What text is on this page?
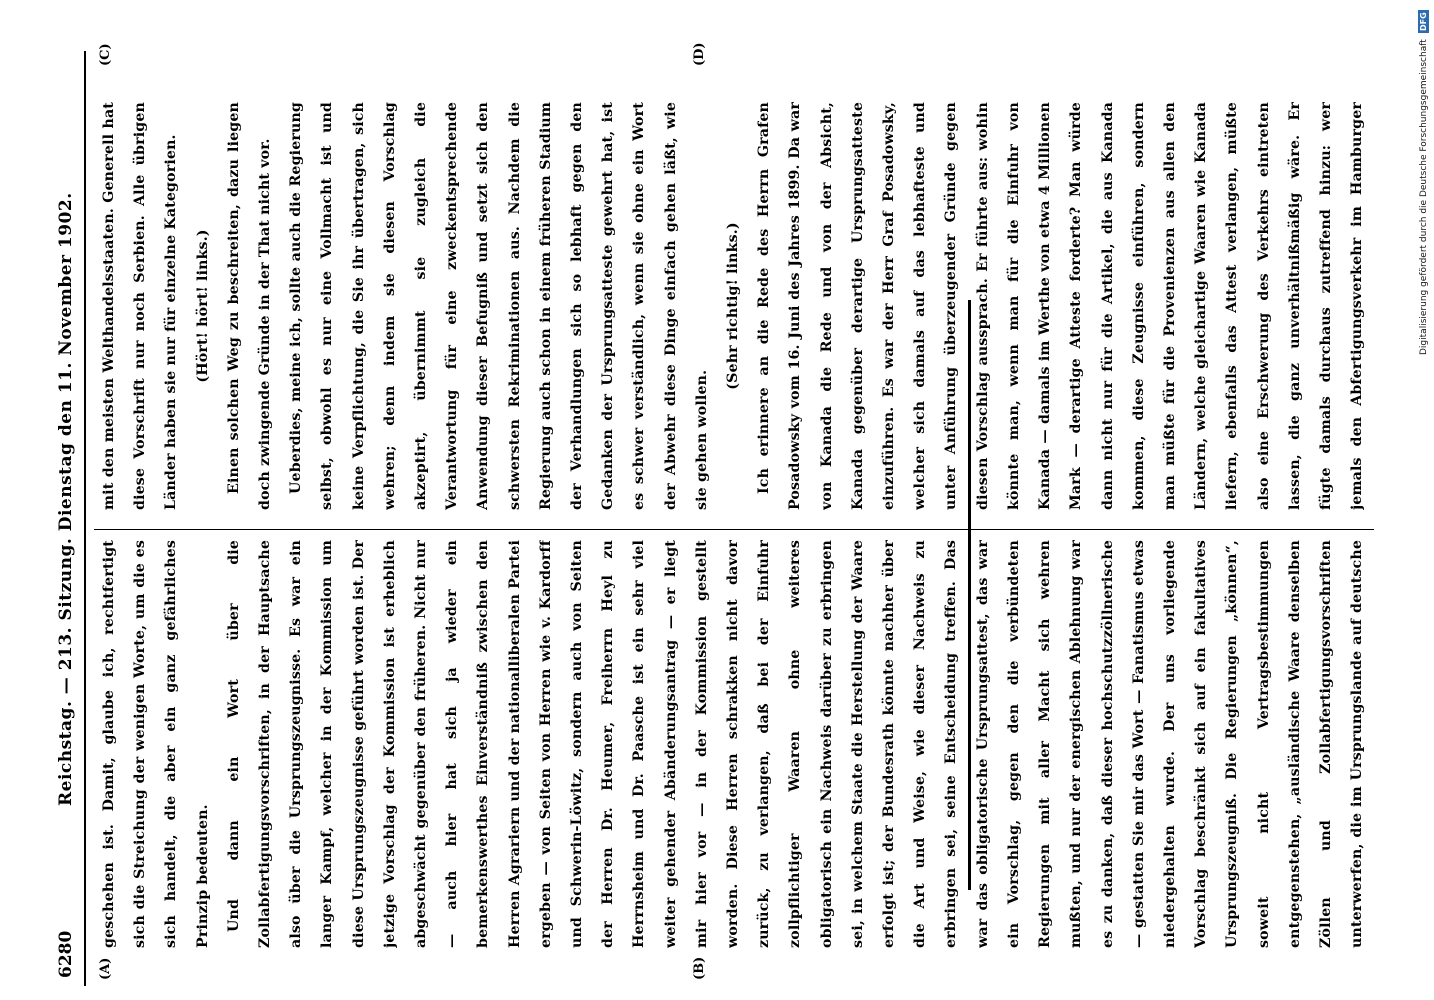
6280
Reichstag. — 213. Sitzung. Dienstag den 11. November 1902.
(A)	(B)
(C)	(D)

geschehen ist. Damit, glaube ich, rechtfertigt sich die Streichung der wenigen Worte, um die es sich handelt, die aber ein ganz gefährliches Prinzip bedeuten.	Und dann ein Wort über die Zollabfertigungsvorschriften, in der Hauptsache also über die Ursprungszeugnisse. Es war ein langer Kampf, welcher in der Kommission um diese Ursprungszeugnisse geführt worden ist. Der jetzige Vorschlag der Kommission ist erheblich abgeschwächt gegenüber den früheren. Nicht nur — auch hier hat sich ja wieder ein bemerkenswerthes Einverständniß zwischen den Herren Agrariern und der nationalliberalen Partei ergeben — von Seiten von Herren wie v. Kardorff und Schwerin-Löwitz, sondern auch von Seiten der Herren Dr. Heumer, Freiherrn Heyl zu Herrnsheim und Dr. Paasche ist ein sehr viel weiter gehender Abänderungsantrag — er liegt mir hier vor — in der Kommission gestellt worden. Diese Herren schrakken nicht davor zurück, zu verlangen, daß bei der Einfuhr zollpflichtiger Waaren ohne weiteres obligatorisch ein Nachweis darüber zu erbringen sei, in welchem Staate die Herstellung der Waare erfolgt ist; der Bundesrath könnte nachher über die Art und Weise, wie dieser Nachweis zu erbringen sei, seine Entscheidung treffen. Das war das obligatorische Ursprungsattest, das war ein Vorschlag, gegen den die verbündeten Regierungen mit aller Macht sich wehren mußten, und nur der energischen Ablehnung war es zu danken, daß dieser hochschutzzöllnerische — gestatten Sie mir das Wort — Fanatismus etwas niedergehalten wurde. Der uns vorliegende Vorschlag beschränkt sich auf ein fakultatives Ursprungszeugniß. Die Regierungen „können“, soweit nicht Vertragsbestimmungen entgegenstehen, „ausländische Waare denselben Zöllen und Zollabfertigungsvorschriften unterwerfen, die im Ursprungslande auf deutsche

mit den meisten Welthandelsstaaten. Generell hat diese Vorschrift nur noch Serbien. Alle übrigen Länder haben sie nur für einzelne Kategorien.	(Hört! hört! links.)	Einen solchen Weg zu beschreiten, dazu liegen doch zwingende Gründe in der That nicht vor.	Ueberdies, meine ich, sollte auch die Regierung selbst, obwohl es nur eine Vollmacht ist und keine Verpflichtung, die Sie ihr übertragen, sich wehren; denn indem sie diesen Vorschlag akzeptirt, übernimmt sie zugleich die Verantwortung für eine zweckentsprechende Anwendung dieser Befugniß und setzt sich den schwersten Rekriminationen aus. Nachdem die Regierung auch schon in einem früheren Stadium der Verhandlungen sich so lebhaft gegen den Gedanken der Ursprungsatteste gewehrt hat, ist es schwer verständlich, wenn sie ohne ein Wort der Abwehr diese Dinge einfach gehen läßt, wie sie gehen wollen.

(Sehr richtig! links.)

Ich erinnere an die Rede des Herrn Grafen Posadowsky vom 16. Juni des Jahres 1899. Da war von Kanada die Rede und von der Absicht, Kanada gegenüber derartige Ursprungsatteste einzuführen. Es war der Herr Graf Posadowsky, welcher sich damals auf das lebhafteste und unter Anführung überzeugender Gründe gegen diesen Vorschlag aussprach. Er führte aus: wohin könnte man, wenn man für die Einfuhr von Kanada — damals im Werthe von etwa 4 Millionen Mark — derartige Atteste forderte? Man würde dann nicht nur für die Artikel, die aus Kanada kommen, diese Zeugnisse einführen, sondern man müßte für die Provenienzen aus allen den Ländern, welche gleichartige Waaren wie Kanada liefern, ebenfalls das Attest verlangen, müßte also eine Erschwerung des Verkehrs eintreten lassen, die ganz unverhältnißmäßig wäre. Er fügte damals durchaus zutreffend hinzu: wer jemals den Abfertigungsverkehr im Hamburger	Digitalisierung gefördert durch die Deutsche Forschungsgemeinschaft DFG
